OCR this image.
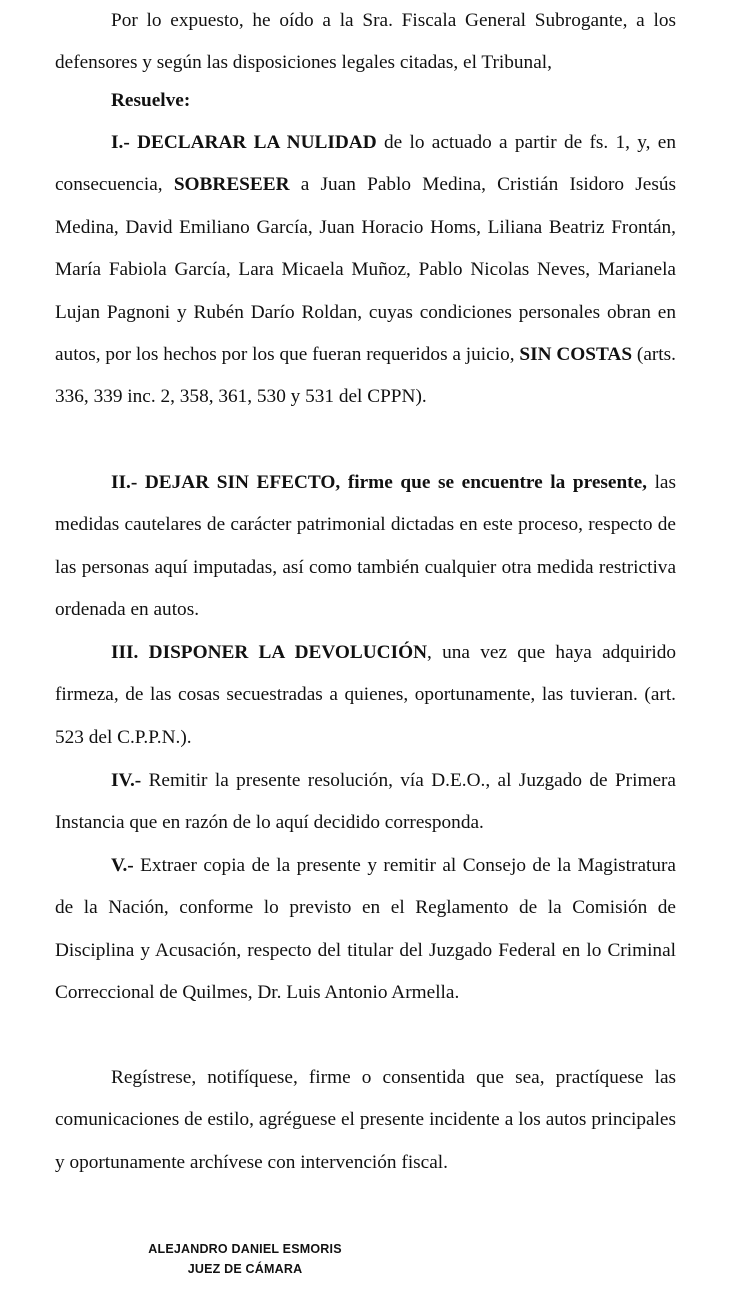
Por lo expuesto, he oído a la Sra. Fiscala General Subrogante, a los defensores y según las disposiciones legales citadas, el Tribunal,

Resuelve:

I.- DECLARAR LA NULIDAD de lo actuado a partir de fs. 1, y, en consecuencia, SOBRESEER a Juan Pablo Medina, Cristián Isidoro Jesús Medina, David Emiliano García, Juan Horacio Homs, Liliana Beatriz Frontán, María Fabiola García, Lara Micaela Muñoz, Pablo Nicolas Neves, Marianela Lujan Pagnoni y Rubén Darío Roldan, cuyas condiciones personales obran en autos, por los hechos por los que fueran requeridos a juicio, SIN COSTAS (arts. 336, 339 inc. 2, 358, 361, 530 y 531 del CPPN).

II.- DEJAR SIN EFECTO, firme que se encuentre la presente, las medidas cautelares de carácter patrimonial dictadas en este proceso, respecto de las personas aquí imputadas, así como también cualquier otra medida restrictiva ordenada en autos.

III. DISPONER LA DEVOLUCIÓN, una vez que haya adquirido firmeza, de las cosas secuestradas a quienes, oportunamente, las tuvieran. (art. 523 del C.P.P.N.).

IV.- Remitir la presente resolución, vía D.E.O., al Juzgado de Primera Instancia que en razón de lo aquí decidido corresponda.

V.- Extraer copia de la presente y remitir al Consejo de la Magistratura de la Nación, conforme lo previsto en el Reglamento de la Comisión de Disciplina y Acusación, respecto del titular del Juzgado Federal en lo Criminal Correccional de Quilmes, Dr. Luis Antonio Armella.

Regístrese, notifíquese, firme o consentida que sea, practíquese las comunicaciones de estilo, agréguese el presente incidente a los autos principales y oportunamente archívese con intervención fiscal.

ALEJANDRO DANIEL ESMORIS
JUEZ DE CÁMARA
